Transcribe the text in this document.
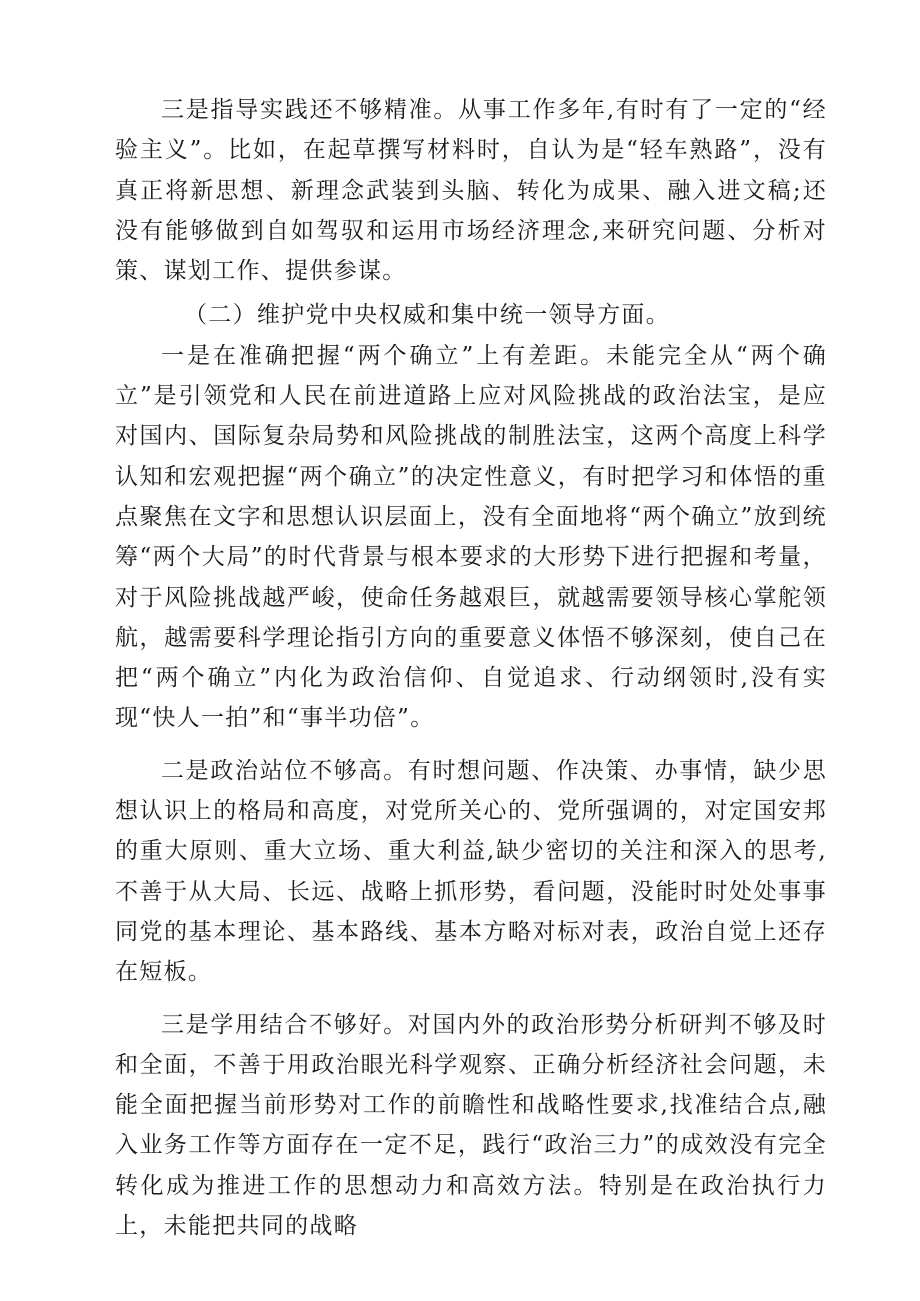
三是指导实践还不够精准。从事工作多年,有时有了一定的“经验主义”。比如，在起草撰写材料时，自认为是“轻车熟路”，没有真正将新思想、新理念武装到头脑、转化为成果、融入进文稿;还没有能够做到自如驾驭和运用市场经济理念,来研究问题、分析对策、谋划工作、提供参谋。

（二）维护党中央权威和集中统一领导方面。

一是在准确把握“两个确立”上有差距。未能完全从“两个确立”是引领党和人民在前进道路上应对风险挑战的政治法宝，是应对国内、国际复杂局势和风险挑战的制胜法宝，这两个高度上科学认知和宏观把握“两个确立”的决定性意义，有时把学习和体悟的重点聚焦在文字和思想认识层面上，没有全面地将“两个确立”放到统筹“两个大局”的时代背景与根本要求的大形势下进行把握和考量，对于风险挑战越严峻，使命任务越艰巨，就越需要领导核心掌舵领航，越需要科学理论指引方向的重要意义体悟不够深刻，使自己在把“两个确立”内化为政治信仰、自觉追求、行动纲领时,没有实现“快人一拍”和“事半功倍”。

二是政治站位不够高。有时想问题、作决策、办事情，缺少思想认识上的格局和高度，对党所关心的、党所强调的，对定国安邦的重大原则、重大立场、重大利益,缺少密切的关注和深入的思考,不善于从大局、长远、战略上抓形势，看问题，没能时时处处事事同党的基本理论、基本路线、基本方略对标对表，政治自觉上还存在短板。

三是学用结合不够好。对国内外的政治形势分析研判不够及时和全面，不善于用政治眼光科学观察、正确分析经济社会问题，未能全面把握当前形势对工作的前瞻性和战略性要求,找准结合点,融入业务工作等方面存在一定不足，践行“政治三力”的成效没有完全转化成为推进工作的思想动力和高效方法。特别是在政治执行力上，未能把共同的战略
